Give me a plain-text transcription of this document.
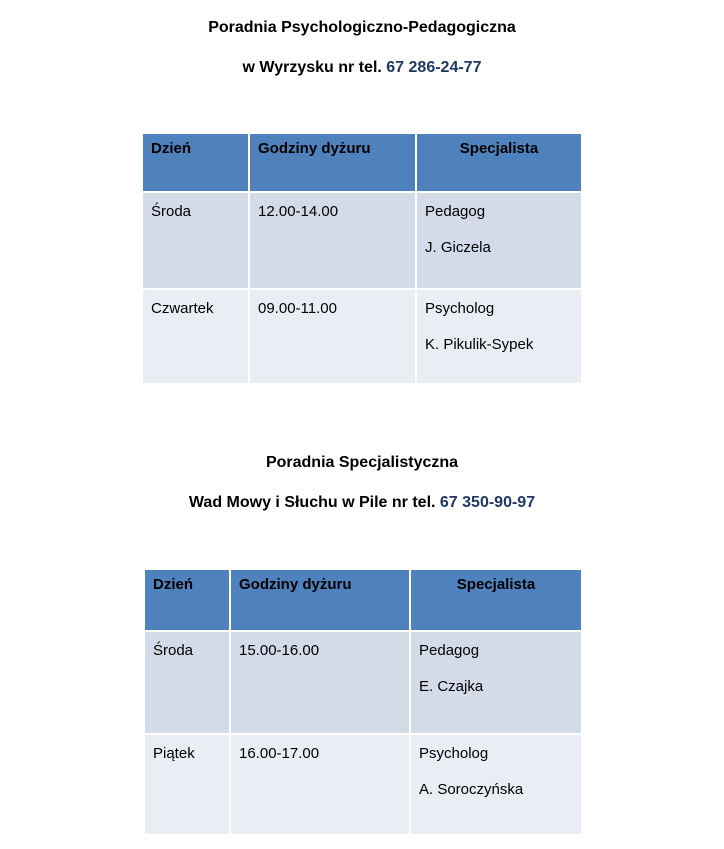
Poradnia Psychologiczno-Pedagogiczna
w Wyrzysku nr tel. 67 286-24-77
Dzień	Godziny dyżuru	Specjalista
Środa	12.00-14.00	Pedagog
J. Giczela

Czwartek	09.00-11.00	Psycholog
K. Pikulik-Sypek
Poradnia Specjalistyczna
Wad Mowy i Słuchu w Pile nr tel. 67 350-90-97
Dzień	Godziny dyżuru	Specjalista
Środa	15.00-16.00	Pedagog
E. Czajka

Piątek	16.00-17.00	Psycholog
A. Soroczyńska
